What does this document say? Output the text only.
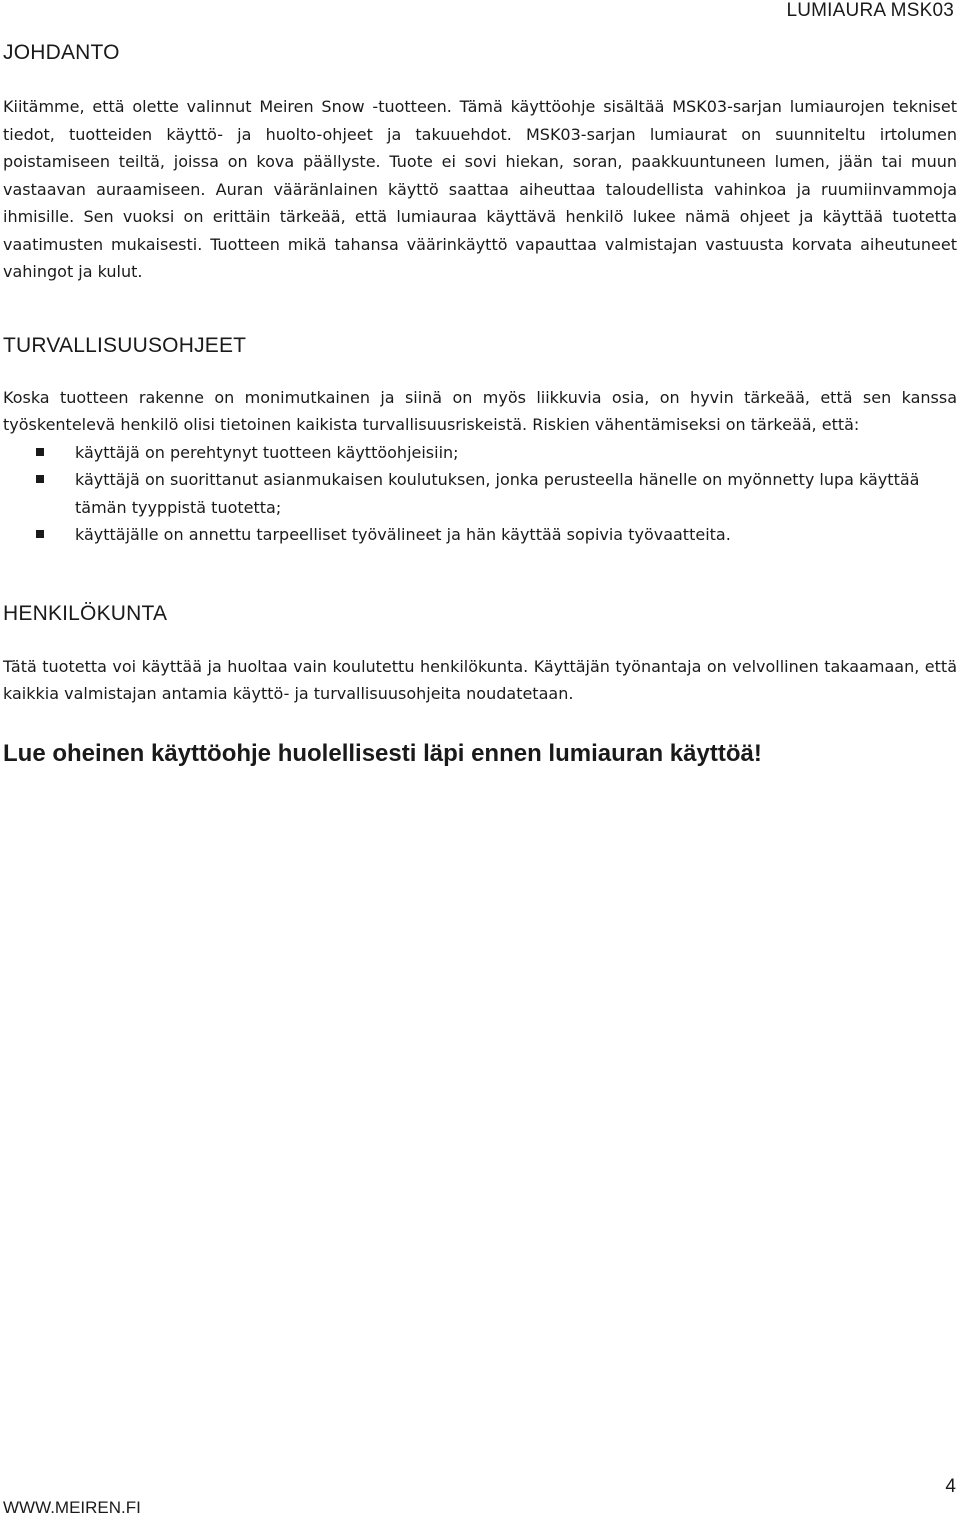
LUMIAURA MSK03
JOHDANTO

Kiitämme, että olette valinnut Meiren Snow -tuotteen. Tämä käyttöohje sisältää MSK03-sarjan lumiaurojen tekniset tiedot, tuotteiden käyttö- ja huolto-ohjeet ja takuuehdot. MSK03-sarjan lumiaurat on suunniteltu irtolumen poistamiseen teiltä, joissa on kova päällyste. Tuote ei sovi hiekan, soran, paakkuuntuneen lumen, jään tai muun vastaavan auraamiseen. Auran vääränlainen käyttö saattaa aiheuttaa taloudellista vahinkoa ja ruumiinvammoja ihmisille. Sen vuoksi on erittäin tärkeää, että lumiauraa käyttävä henkilö lukee nämä ohjeet ja käyttää tuotetta vaatimusten mukaisesti. Tuotteen mikä tahansa väärinkäyttö vapauttaa valmistajan vastuusta korvata aiheutuneet vahingot ja kulut.

TURVALLISUUSOHJEET

Koska tuotteen rakenne on monimutkainen ja siinä on myös liikkuvia osia, on hyvin tärkeää, että sen kanssa työskentelevä henkilö olisi tietoinen kaikista turvallisuusriskeistä. Riskien vähentämiseksi on tärkeää, että:

käyttäjä on perehtynyt tuotteen käyttöohjeisiin;
käyttäjä on suorittanut asianmukaisen koulutuksen, jonka perusteella hänelle on myönnetty lupa käyttää tämän tyyppistä tuotetta;
käyttäjälle on annettu tarpeelliset työvälineet ja hän käyttää sopivia työvaatteita.
HENKILÖKUNTA

Tätä tuotetta voi käyttää ja huoltaa vain koulutettu henkilökunta. Käyttäjän työnantaja on velvollinen takaamaan, että kaikkia valmistajan antamia käyttö- ja turvallisuusohjeita noudatetaan.

Lue oheinen käyttöohje huolellisesti läpi ennen lumiauran käyttöä!
WWW.MEIREN.FI
4
